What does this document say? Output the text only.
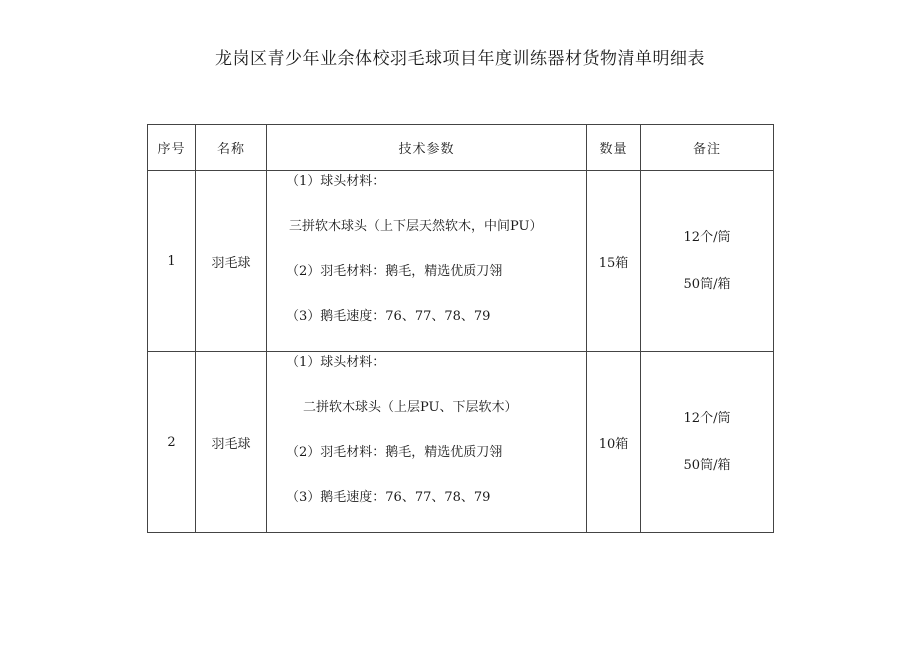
龙岗区青少年业余体校羽毛球项目年度训练器材货物清单明细表
序号	名称	技术参数	数量	备注
1	羽毛球	（1）球头材料：
三拼软木球头（上下层天然软木，中间PU）
（2）羽毛材料：鹅毛，精选优质刀翎
（3）鹅毛速度：76、77、78、79	15箱	12个/筒
50筒/箱

2	羽毛球	（1）球头材料：
二拼软木球头（上层PU、下层软木）
（2）羽毛材料：鹅毛，精选优质刀翎
（3）鹅毛速度：76、77、78、79	10箱	12个/筒
50筒/箱
